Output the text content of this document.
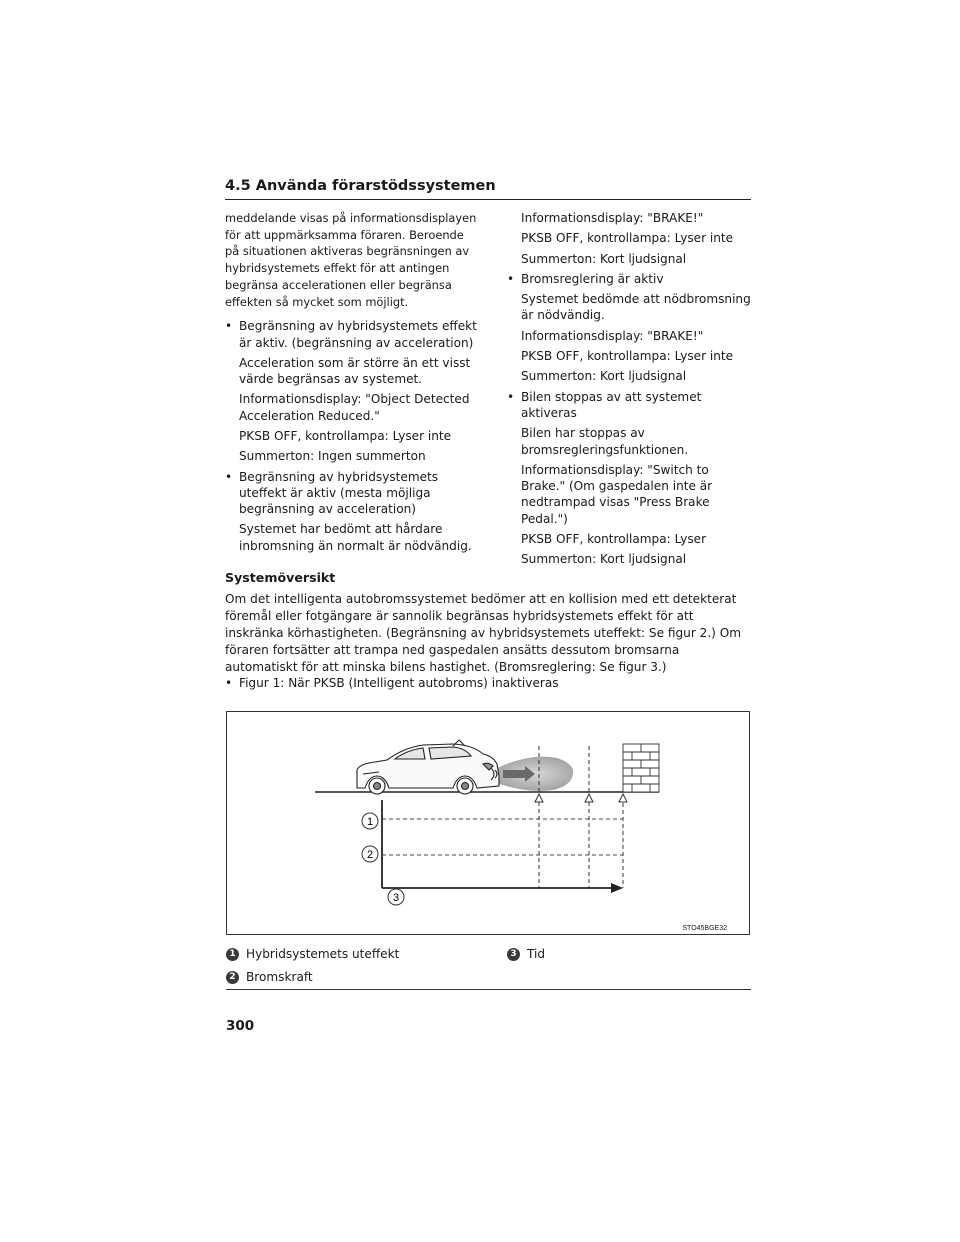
4.5 Använda förarstödssystemen

meddelande visas på informationsdisplayen för att uppmärksamma föraren. Beroende på situationen aktiveras begränsningen av hybridsystemets effekt för att antingen begränsa accelerationen eller begränsa effekten så mycket som möjligt.

• Begränsning av hybridsystemets effekt är aktiv. (begränsning av acceleration)

Acceleration som är större än ett visst värde begränsas av systemet.

Informationsdisplay: "Object Detected Acceleration Reduced."

PKSB OFF, kontrollampa: Lyser inte

Summerton: Ingen summerton

• Begränsning av hybridsystemets uteffekt är aktiv (mesta möjliga begränsning av acceleration)

Systemet har bedömt att hårdare inbromsning än normalt är nödvändig.

Informationsdisplay: "BRAKE!"

PKSB OFF, kontrollampa: Lyser inte

Summerton: Kort ljudsignal

• Bromsreglering är aktiv

Systemet bedömde att nödbromsning är nödvändig.

Informationsdisplay: "BRAKE!"

PKSB OFF, kontrollampa: Lyser inte

Summerton: Kort ljudsignal

• Bilen stoppas av att systemet aktiveras

Bilen har stoppas av bromsregleringsfunktionen.

Informationsdisplay: "Switch to Brake." (Om gaspedalen inte är nedtrampad visas "Press Brake Pedal.")

PKSB OFF, kontrollampa: Lyser

Summerton: Kort ljudsignal

Systemöversikt
Om det intelligenta autobromssystemet bedömer att en kollision med ett detekterat föremål eller fotgängare är sannolik begränsas hybridsystemets effekt för att inskränka körhastigheten. (Begränsning av hybridsystemets uteffekt: Se figur 2.) Om föraren fortsätter att trampa ned gaspedalen ansätts dessutom bromsarna automatiskt för att minska bilens hastighet. (Bromsreglering: Se figur 3.)
• Figur 1: När PKSB (Intelligent autobroms) inaktiveras
1
2
3
STO45BGE32
1 Hybridsystemets uteffekt
2 Bromskraft
3 Tid
300
